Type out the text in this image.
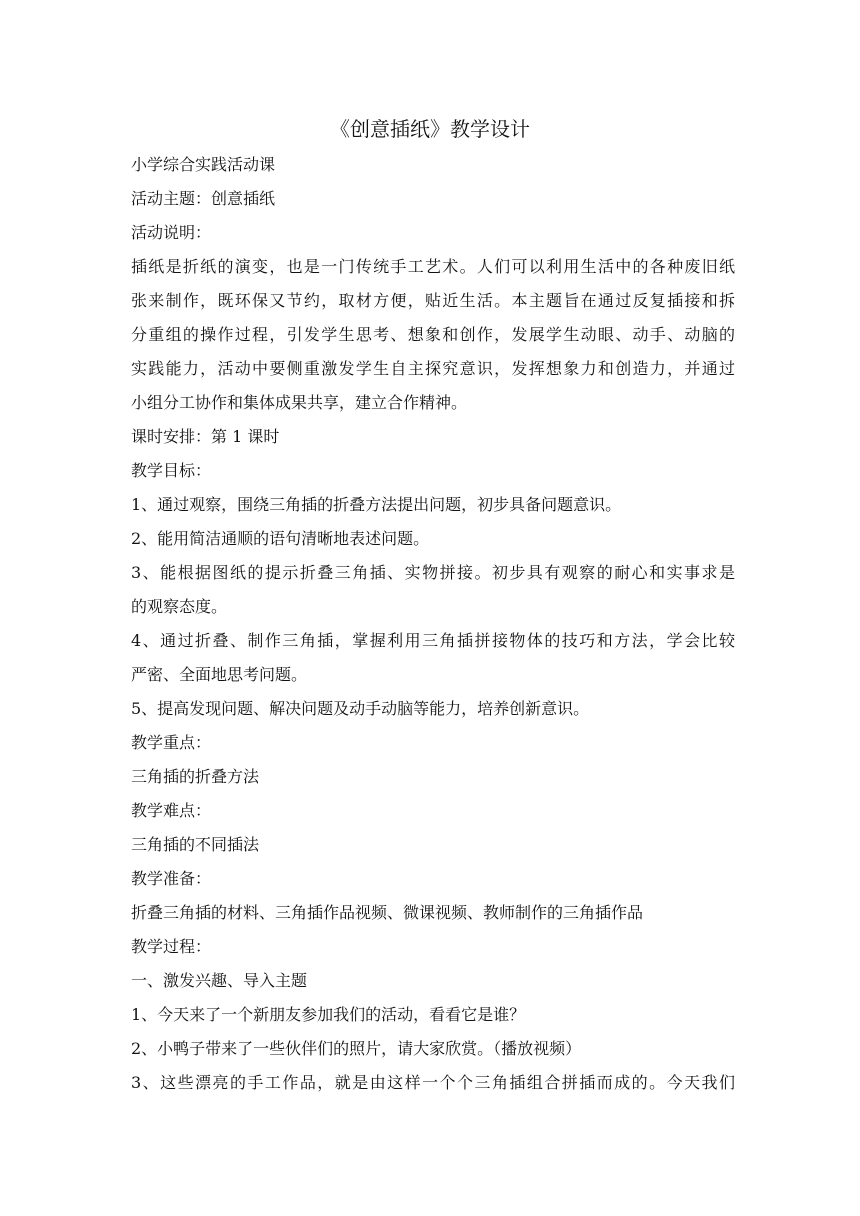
《创意插纸》教学设计

小学综合实践活动课

活动主题：创意插纸

活动说明：

插纸是折纸的演变，也是一门传统手工艺术。人们可以利用生活中的各种废旧纸
张来制作，既环保又节约，取材方便，贴近生活。本主题旨在通过反复插接和拆
分重组的操作过程，引发学生思考、想象和创作，发展学生动眼、动手、动脑的
实践能力，活动中要侧重激发学生自主探究意识，发挥想象力和创造力，并通过
小组分工协作和集体成果共享，建立合作精神。

课时安排：第 1 课时

教学目标：

1、通过观察，围绕三角插的折叠方法提出问题，初步具备问题意识。

2、能用简洁通顺的语句清晰地表述问题。

3、能根据图纸的提示折叠三角插、实物拼接。初步具有观察的耐心和实事求是
的观察态度。

4、通过折叠、制作三角插，掌握利用三角插拼接物体的技巧和方法，学会比较
严密、全面地思考问题。

5、提高发现问题、解决问题及动手动脑等能力，培养创新意识。

教学重点：

三角插的折叠方法

教学难点：

三角插的不同插法

教学准备：

折叠三角插的材料、三角插作品视频、微课视频、教师制作的三角插作品

教学过程：

一、激发兴趣、导入主题

1、今天来了一个新朋友参加我们的活动，看看它是谁？

2、小鸭子带来了一些伙伴们的照片，请大家欣赏。（播放视频）

3、这些漂亮的手工作品，就是由这样一个个三角插组合拼插而成的。今天我们
